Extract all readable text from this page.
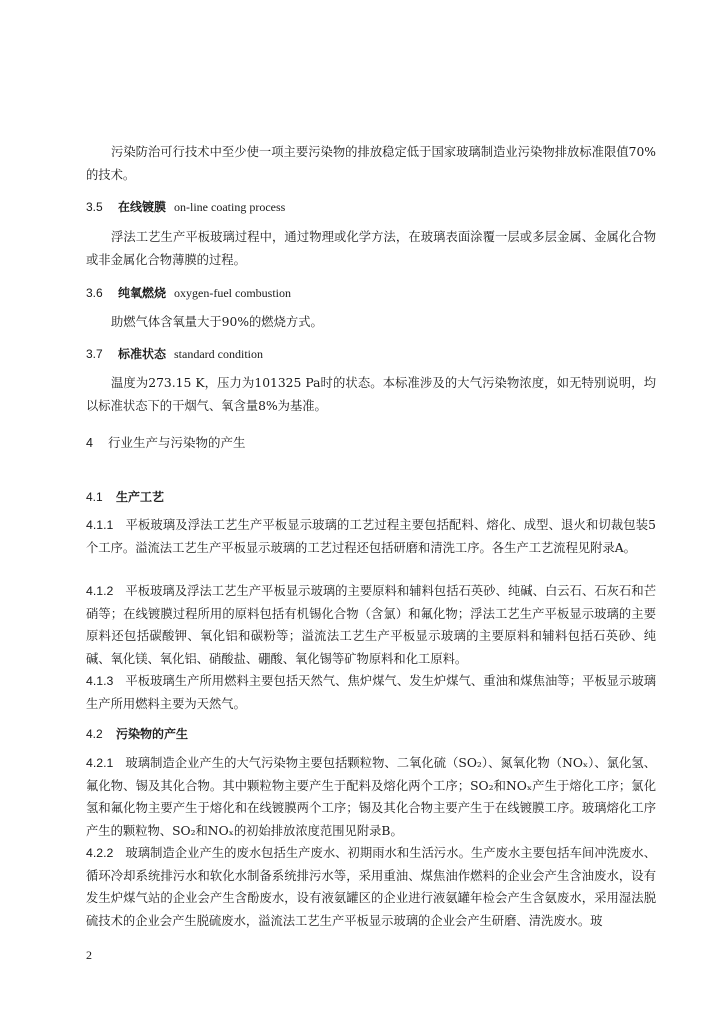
污染防治可行技术中至少使一项主要污染物的排放稳定低于国家玻璃制造业污染物排放标准限值70%的技术。
3.5 在线镀膜 on-line coating process
浮法工艺生产平板玻璃过程中，通过物理或化学方法，在玻璃表面涂覆一层或多层金属、金属化合物或非金属化合物薄膜的过程。
3.6 纯氧燃烧 oxygen-fuel combustion
助燃气体含氧量大于90%的燃烧方式。
3.7 标准状态 standard condition
温度为273.15 K，压力为101325 Pa时的状态。本标准涉及的大气污染物浓度，如无特别说明，均以标准状态下的干烟气、氧含量8%为基准。
4 行业生产与污染物的产生
4.1 生产工艺
4.1.1 平板玻璃及浮法工艺生产平板显示玻璃的工艺过程主要包括配料、熔化、成型、退火和切裁包装5个工序。溢流法工艺生产平板显示玻璃的工艺过程还包括研磨和清洗工序。各生产工艺流程见附录A。
4.1.2 平板玻璃及浮法工艺生产平板显示玻璃的主要原料和辅料包括石英砂、纯碱、白云石、石灰石和芒硝等；在线镀膜过程所用的原料包括有机锡化合物（含氯）和氟化物；浮法工艺生产平板显示玻璃的主要原料还包括碳酸钾、氧化铝和碳粉等；溢流法工艺生产平板显示玻璃的主要原料和辅料包括石英砂、纯碱、氧化镁、氧化铝、硝酸盐、硼酸、氧化锡等矿物原料和化工原料。
4.1.3 平板玻璃生产所用燃料主要包括天然气、焦炉煤气、发生炉煤气、重油和煤焦油等；平板显示玻璃生产所用燃料主要为天然气。
4.2 污染物的产生
4.2.1 玻璃制造企业产生的大气污染物主要包括颗粒物、二氧化硫（SO₂）、氮氧化物（NOₓ）、氯化氢、氟化物、锡及其化合物。其中颗粒物主要产生于配料及熔化两个工序；SO₂和NOₓ产生于熔化工序；氯化氢和氟化物主要产生于熔化和在线镀膜两个工序；锡及其化合物主要产生于在线镀膜工序。玻璃熔化工序产生的颗粒物、SO₂和NOₓ的初始排放浓度范围见附录B。
4.2.2 玻璃制造企业产生的废水包括生产废水、初期雨水和生活污水。生产废水主要包括车间冲洗废水、循环冷却系统排污水和软化水制备系统排污水等，采用重油、煤焦油作燃料的企业会产生含油废水，设有发生炉煤气站的企业会产生含酚废水，设有液氨罐区的企业进行液氨罐年检会产生含氨废水，采用湿法脱硫技术的企业会产生脱硫废水，溢流法工艺生产平板显示玻璃的企业会产生研磨、清洗废水。玻
2
